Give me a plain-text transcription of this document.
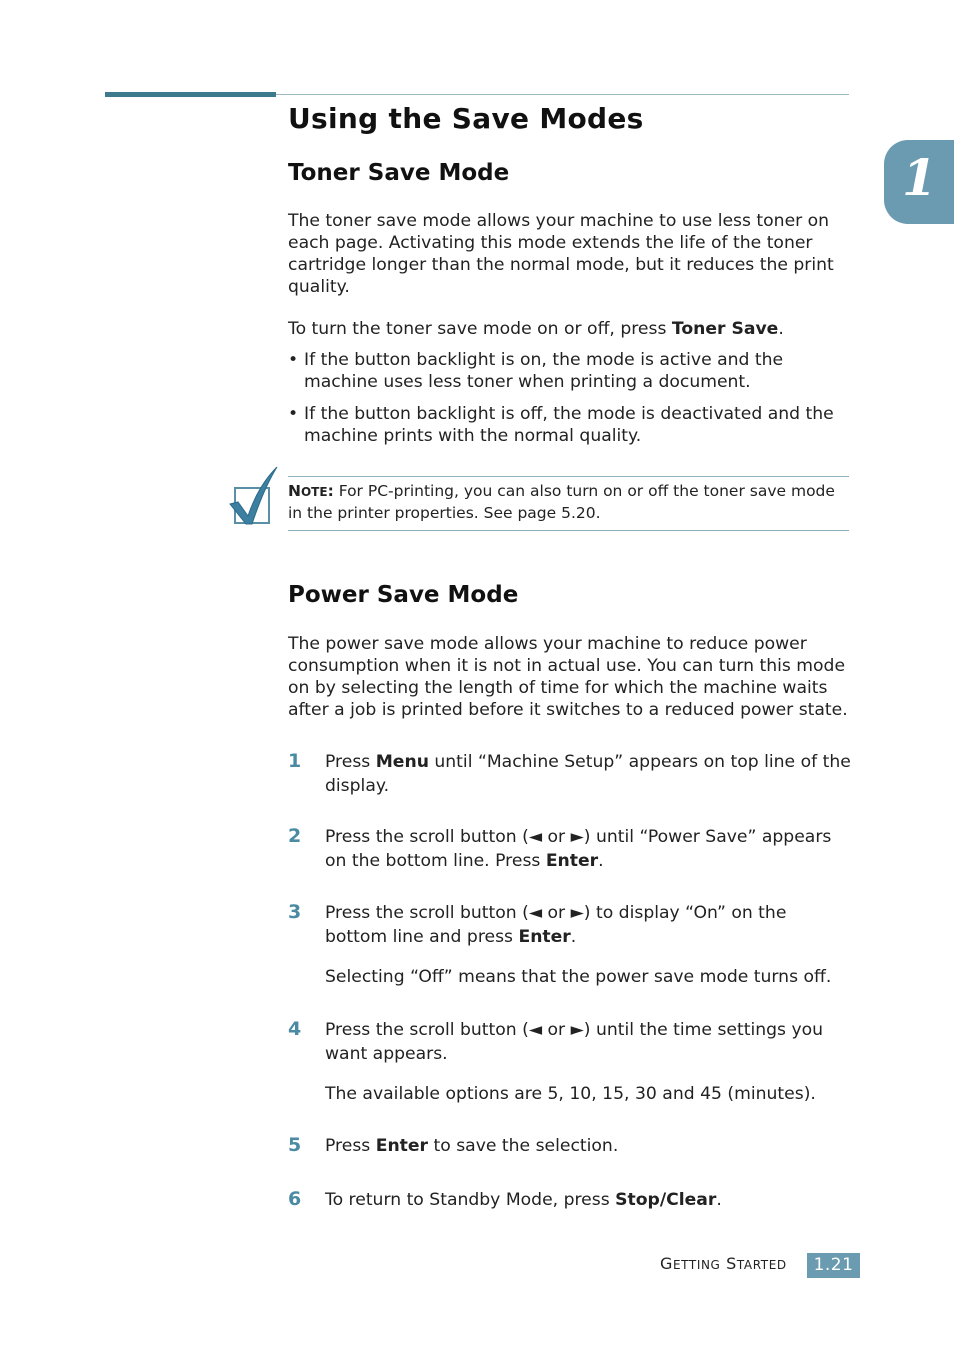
1
Using the Save Modes
Toner Save Mode

The toner save mode allows your machine to use less toner on each page. Activating this mode extends the life of the toner cartridge longer than the normal mode, but it reduces the print quality.

To turn the toner save mode on or off, press Toner Save.

• If the button backlight is on, the mode is active and the machine uses less toner when printing a document.
• If the button backlight is off, the mode is deactivated and the machine prints with the normal quality.
NOTE: For PC-printing, you can also turn on or off the toner save mode in the printer properties. See page 5.20.
Power Save Mode

The power save mode allows your machine to reduce power consumption when it is not in actual use. You can turn this mode on by selecting the length of time for which the machine waits after a job is printed before it switches to a reduced power state.

1	Press Menu until “Machine Setup” appears on top line of the display.
2	Press the scroll button (◄ or ►) until “Power Save” appears on the bottom line. Press Enter.
3	Press the scroll button (◄ or ►) to display “On” on the bottom line and press Enter.
Selecting “Off” means that the power save mode turns off.
4	Press the scroll button (◄ or ►) until the time settings you want appears.
The available options are 5, 10, 15, 30 and 45 (minutes).
5	Press Enter to save the selection.
6	To return to Standby Mode, press Stop/Clear.
GETTING STARTED	1.21
